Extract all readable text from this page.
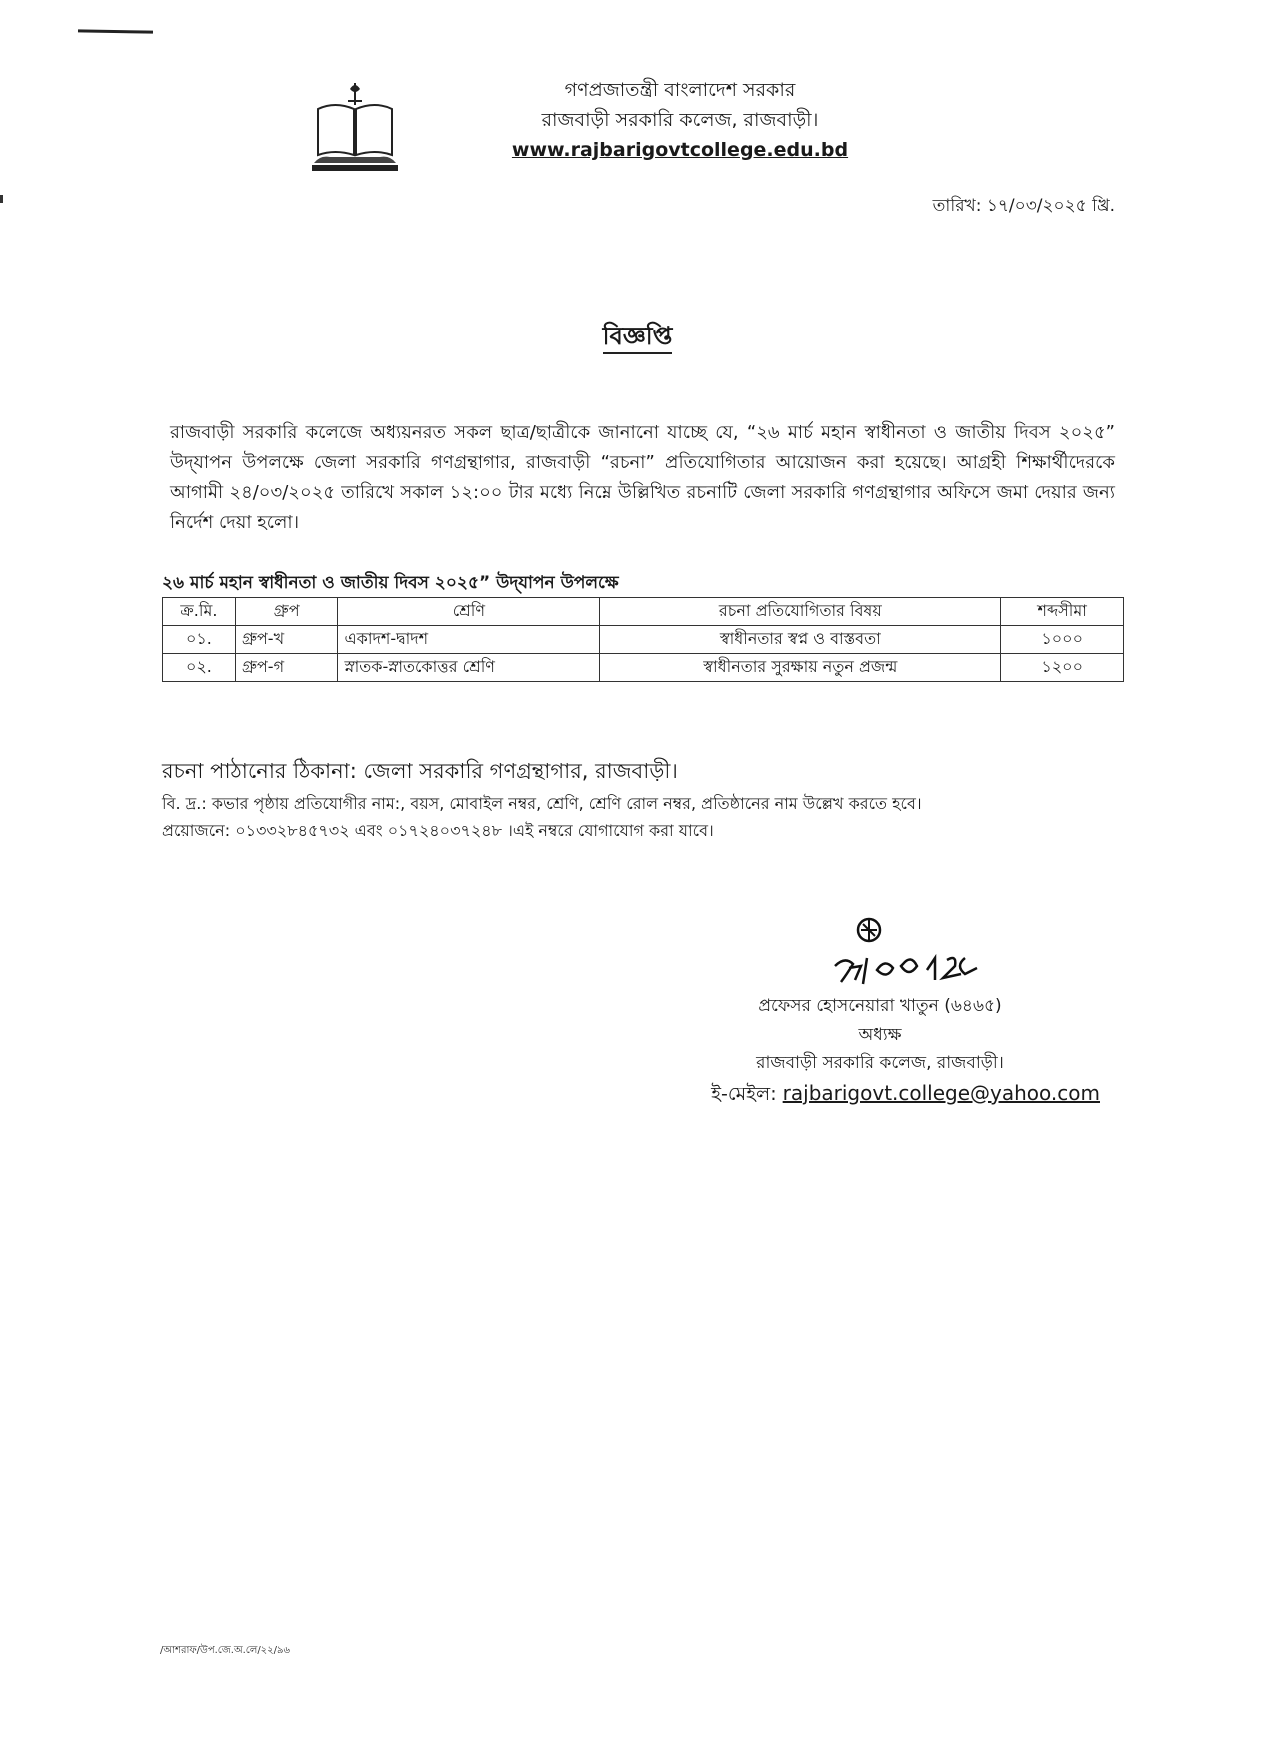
গণপ্রজাতন্ত্রী বাংলাদেশ সরকার
রাজবাড়ী সরকারি কলেজ, রাজবাড়ী।
www.rajbarigovtcollege.edu.bd
তারিখ: ১৭/০৩/২০২৫ খ্রি.
বিজ্ঞপ্তি
রাজবাড়ী সরকারি কলেজে অধ্যয়নরত সকল ছাত্র/ছাত্রীকে জানানো যাচ্ছে যে, “২৬ মার্চ মহান স্বাধীনতা ও জাতীয় দিবস ২০২৫” উদ্‌যাপন উপলক্ষে জেলা সরকারি গণগ্রন্থাগার, রাজবাড়ী “রচনা” প্রতিযোগিতার আয়োজন করা হয়েছে। আগ্রহী শিক্ষার্থীদেরকে আগামী ২৪/০৩/২০২৫ তারিখে সকাল ১২:০০ টার মধ্যে নিম্নে উল্লিখিত রচনাটি জেলা সরকারি গণগ্রন্থাগার অফিসে জমা দেয়ার জন্য নির্দেশ দেয়া হলো।
২৬ মার্চ মহান স্বাধীনতা ও জাতীয় দিবস ২০২৫” উদ্‌যাপন উপলক্ষে
ক্র.মি.	গ্রুপ	শ্রেণি	রচনা প্রতিযোগিতার বিষয়	শব্দসীমা
০১.	গ্রুপ-খ	একাদশ-দ্বাদশ	স্বাধীনতার স্বপ্ন ও বাস্তবতা	১০০০
০২.	গ্রুপ-গ	স্নাতক-স্নাতকোত্তর শ্রেণি	স্বাধীনতার সুরক্ষায় নতুন প্রজন্ম	১২০০
রচনা পাঠানোর ঠিকানা: জেলা সরকারি গণগ্রন্থাগার, রাজবাড়ী।
বি. দ্র.: কভার পৃষ্ঠায় প্রতিযোগীর নাম:, বয়স, মোবাইল নম্বর, শ্রেণি, শ্রেণি রোল নম্বর, প্রতিষ্ঠানের নাম উল্লেখ করতে হবে।
প্রয়োজনে: ০১৩৩২৮৪৫৭৩২ এবং ০১৭২৪০৩৭২৪৮ ।এই নম্বরে যোগাযোগ করা যাবে।
প্রফেসর হোসনেয়ারা খাতুন (৬৪৬৫)
অধ্যক্ষ
রাজবাড়ী সরকারি কলেজ, রাজবাড়ী।
ই-মেইল: rajbarigovt.college@yahoo.com
/আশরাফ/উপ.জে.অ.লে/২২/৯৬
